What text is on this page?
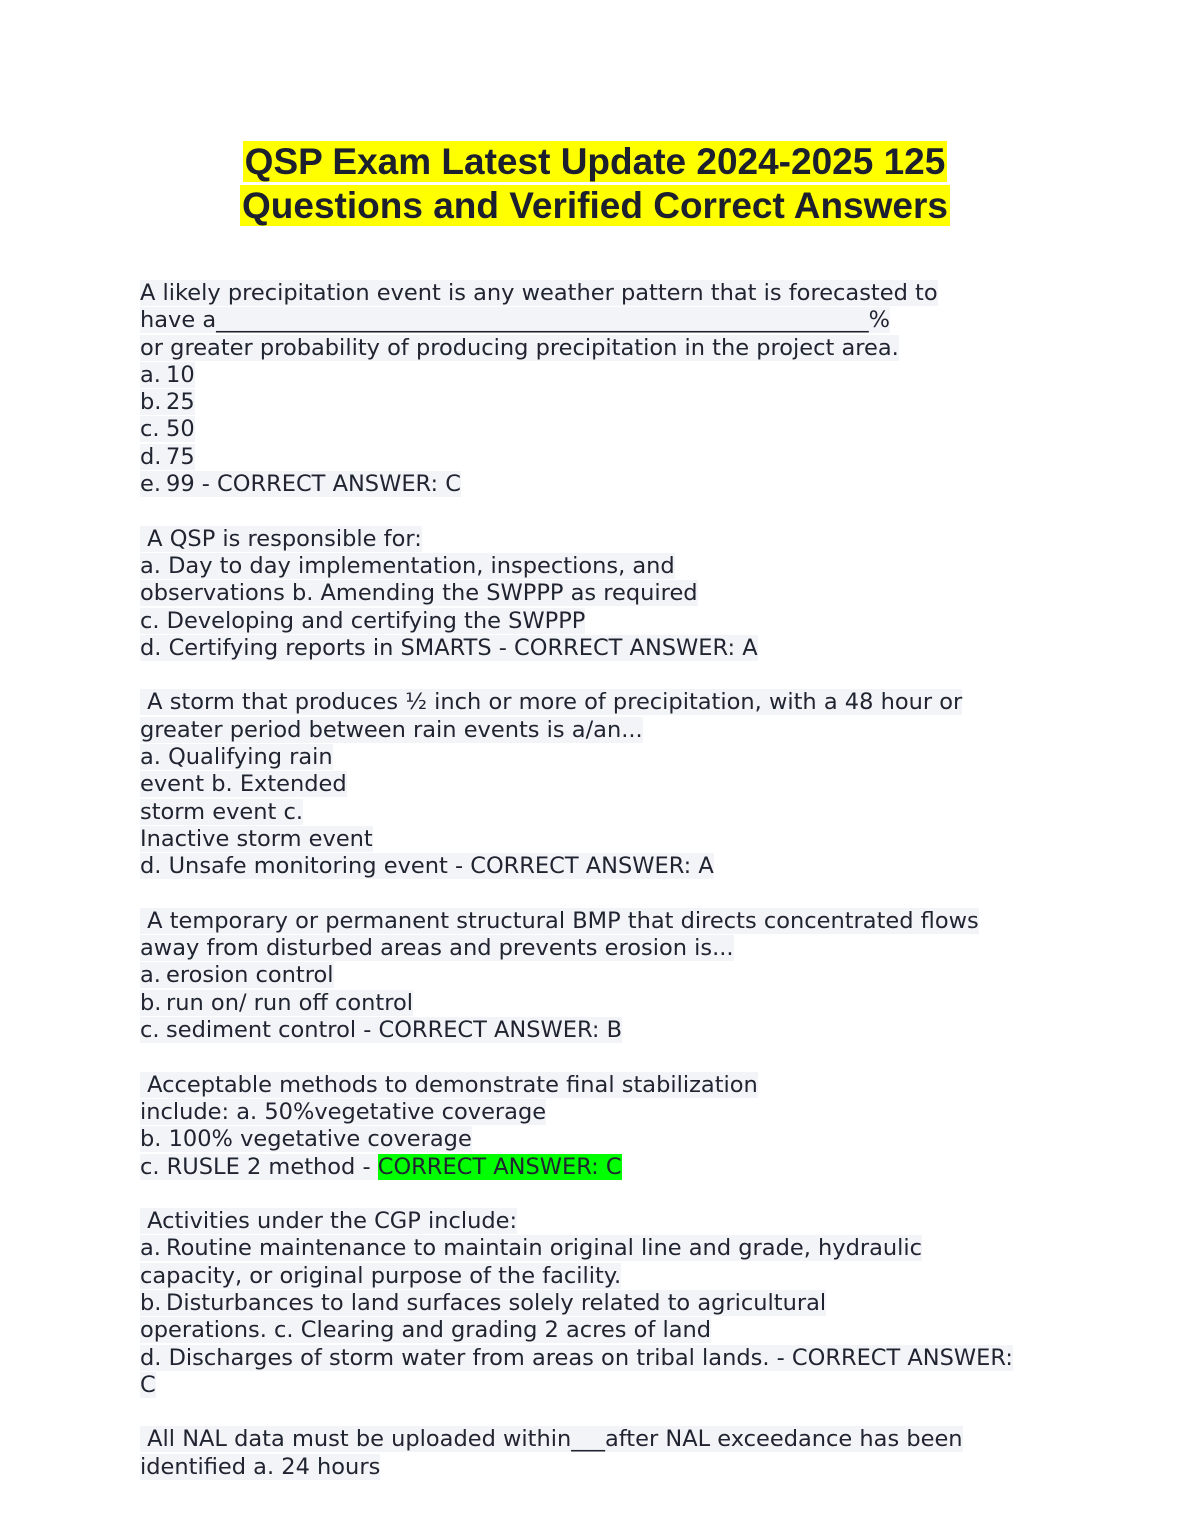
QSP Exam Latest Update 2024-2025 125
Questions and Verified Correct Answers
A likely precipitation event is any weather pattern that is forecasted to
have a__________________________________________________________%
or greater probability of producing precipitation in the project area.
a. 10
b. 25
c. 50
d. 75
e. 99 - CORRECT ANSWER: C
A QSP is responsible for:
a. Day to day implementation, inspections, and
observations b. Amending the SWPPP as required
c. Developing and certifying the SWPPP
d. Certifying reports in SMARTS - CORRECT ANSWER: A
A storm that produces ½ inch or more of precipitation, with a 48 hour or
greater period between rain events is a/an...
a. Qualifying rain
event b. Extended
storm event c.
Inactive storm event
d. Unsafe monitoring event - CORRECT ANSWER: A
A temporary or permanent structural BMP that directs concentrated flows
away from disturbed areas and prevents erosion is...
a. erosion control
b. run on/ run off control
c. sediment control - CORRECT ANSWER: B
Acceptable methods to demonstrate final stabilization
include: a. 50%vegetative coverage
b. 100% vegetative coverage
c. RUSLE 2 method - CORRECT ANSWER: C
Activities under the CGP include:
a. Routine maintenance to maintain original line and grade, hydraulic
capacity, or original purpose of the facility.
b. Disturbances to land surfaces solely related to agricultural
operations. c. Clearing and grading 2 acres of land
d. Discharges of storm water from areas on tribal lands. - CORRECT ANSWER:
C
All NAL data must be uploaded within___after NAL exceedance has been
identified a. 24 hours
